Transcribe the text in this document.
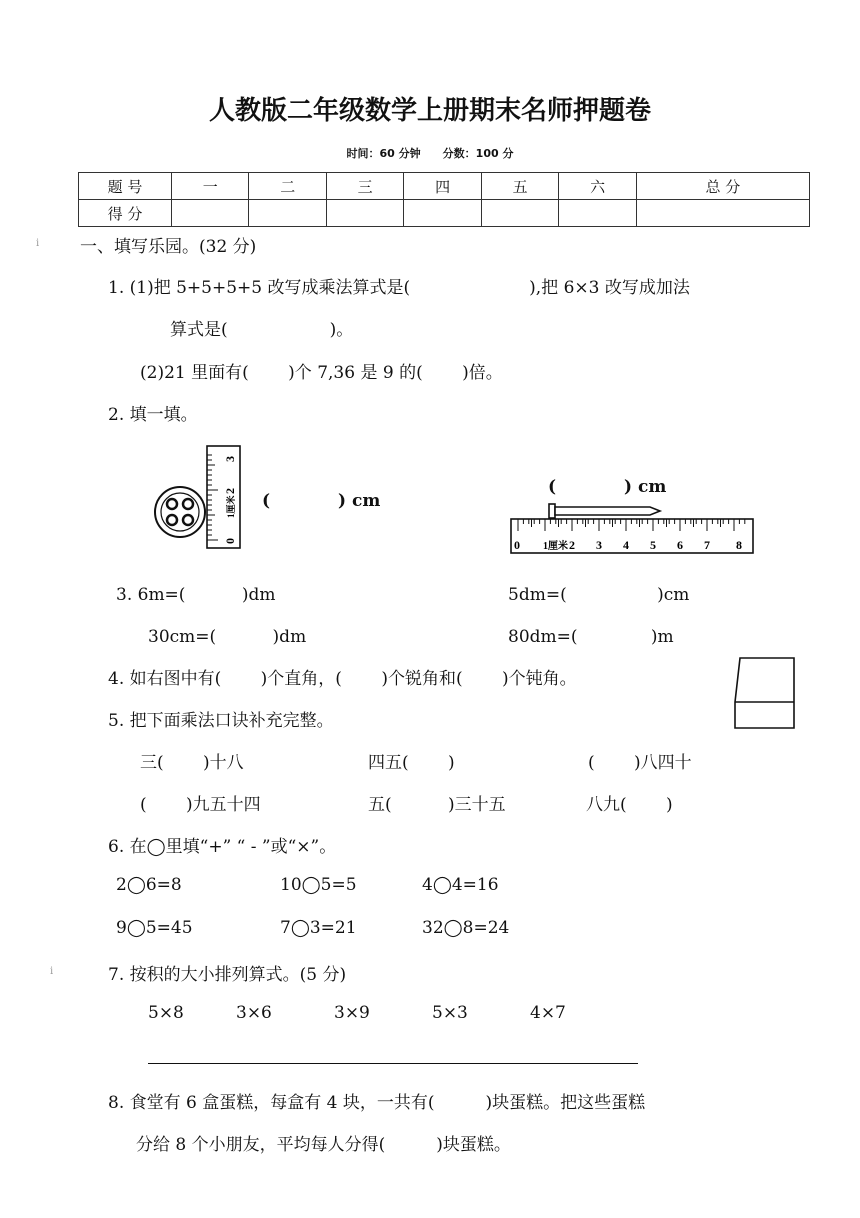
人教版二年级数学上册期末名师押题卷
时间：60 分钟　　分数：100 分
题 号	一	二	三	四	五	六	总 分
得 分							
i 一、填写乐园。(32 分)
1. (1)把 5+5+5+5 改写成乘法算式是(　　　　　　　),把 6×3 改写成加法
算式是(　　　　　　)。
(2)21 里面有(　　 )个 7,36 是 9 的(　　 )倍。
2. 填一填。
0
1厘米
2
3
(　　　　) cm
(　　　　) cm
0 1厘米 2 3 4 5 6 7 8
3. 6m=(　　　 )dm	5dm=(　　　　　 )cm
30cm=(　　　 )dm	80dm=(　　　　 )m
4. 如右图中有(　　 )个直角，(　　 )个锐角和(　　 )个钝角。
5. 把下面乘法口诀补充完整。
三(　　 )十八	四五(　　 )	(　　 )八四十
(　　 )九五十四	五(　　　 )三十五	八九(　　 )
6. 在◯里填“+” “ - ”或“×”。
2◯6=8	10◯5=5	4◯4=16
9◯5=45	7◯3=21	32◯8=24
i	7. 按积的大小排列算式。(5 分)
5×8	3×6	3×9	5×3	4×7
8. 食堂有 6 盒蛋糕，每盒有 4 块，一共有(　　　)块蛋糕。把这些蛋糕
分给 8 个小朋友，平均每人分得(　　　)块蛋糕。
